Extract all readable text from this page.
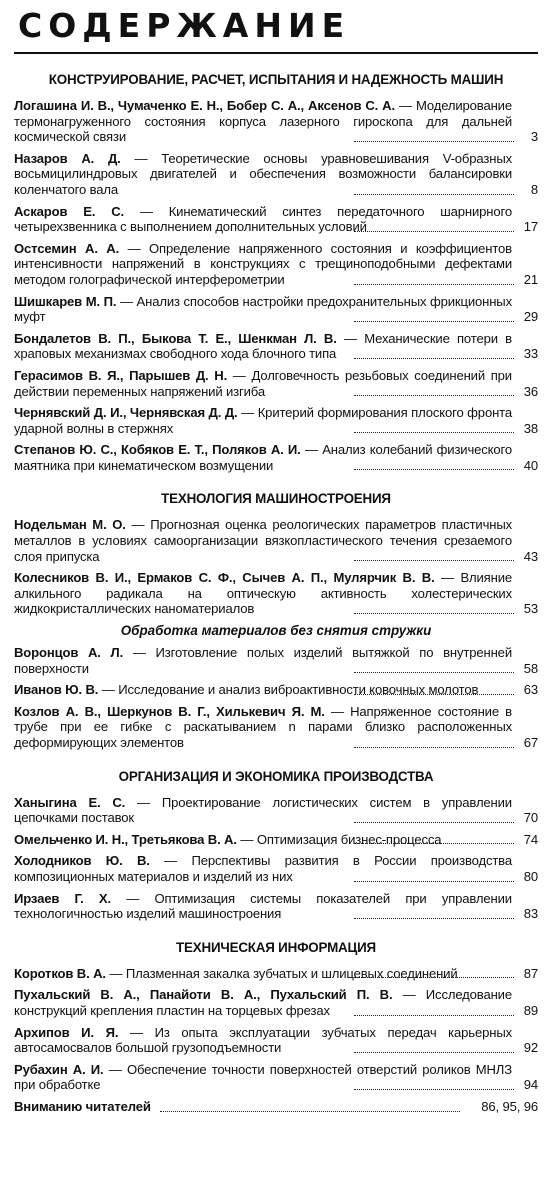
СОДЕРЖАНИЕ
КОНСТРУИРОВАНИЕ, РАСЧЕТ, ИСПЫТАНИЯ И НАДЕЖНОСТЬ МАШИН
Логашина И. В., Чумаченко Е. Н., Бобер С. А., Аксенов С. А. — Моделирование термонагруженного состояния корпуса лазерного гироскопа для дальней космической связи	3
Назаров А. Д. — Теоретические основы уравновешивания V-образных восьмицилиндровых двигателей и обеспечения возможности балансировки коленчатого вала	8
Аскаров Е. С. — Кинематический синтез передаточного шарнирного четырехзвенника с выполнением дополнительных условий	17
Остсемин А. А. — Определение напряженного состояния и коэффициентов интенсивности напряжений в конструкциях с трещиноподобными дефектами методом голографической интерферометрии	21
Шишкарев М. П. — Анализ способов настройки предохранительных фрикционных муфт	29
Бондалетов В. П., Быкова Т. Е., Шенкман Л. В. — Механические потери в храповых механизмах свободного хода блочного типа	33
Герасимов В. Я., Парышев Д. Н. — Долговечность резьбовых соединений при действии переменных напряжений изгиба	36
Чернявский Д. И., Чернявская Д. Д. — Критерий формирования плоского фронта ударной волны в стержнях	38
Степанов Ю. С., Кобяков Е. Т., Поляков А. И. — Анализ колебаний физического маятника при кинематическом возмущении	40
ТЕХНОЛОГИЯ МАШИНОСТРОЕНИЯ
Нодельман М. О. — Прогнозная оценка реологических параметров пластичных металлов в условиях самоорганизации вязкопластического течения срезаемого слоя припуска	43
Колесников В. И., Ермаков С. Ф., Сычев А. П., Мулярчик В. В. — Влияние алкильного радикала на оптическую активность холестерических жидкокристаллических наноматериалов	53
Обработка материалов без снятия стружки
Воронцов А. Л. — Изготовление полых изделий вытяжкой по внутренней поверхности	58
Иванов Ю. В. — Исследование и анализ виброактивности ковочных молотов	63
Козлов А. В., Шеркунов В. Г., Хилькевич Я. М. — Напряженное состояние в трубе при ее гибке с раскатыванием n парами близко расположенных деформирующих элементов	67
ОРГАНИЗАЦИЯ И ЭКОНОМИКА ПРОИЗВОДСТВА
Ханыгина Е. С. — Проектирование логистических систем в управлении цепочками поставок	70
Омельченко И. Н., Третьякова В. А. — Оптимизация бизнес-процесса	74
Холодников Ю. В. — Перспективы развития в России производства композиционных материалов и изделий из них	80
Ирзаев Г. Х. — Оптимизация системы показателей при управлении технологичностью изделий машиностроения	83
ТЕХНИЧЕСКАЯ ИНФОРМАЦИЯ
Коротков В. А. — Плазменная закалка зубчатых и шлицевых соединений	87
Пухальский В. А., Панайоти В. А., Пухальский П. В. — Исследование конструкций крепления пластин на торцевых фрезах	89
Архипов И. Я. — Из опыта эксплуатации зубчатых передач карьерных автосамосвалов большой грузоподъемности	92
Рубахин А. И. — Обеспечение точности поверхностей отверстий роликов МНЛЗ при обработке	94
Вниманию читателей	86, 95, 96
